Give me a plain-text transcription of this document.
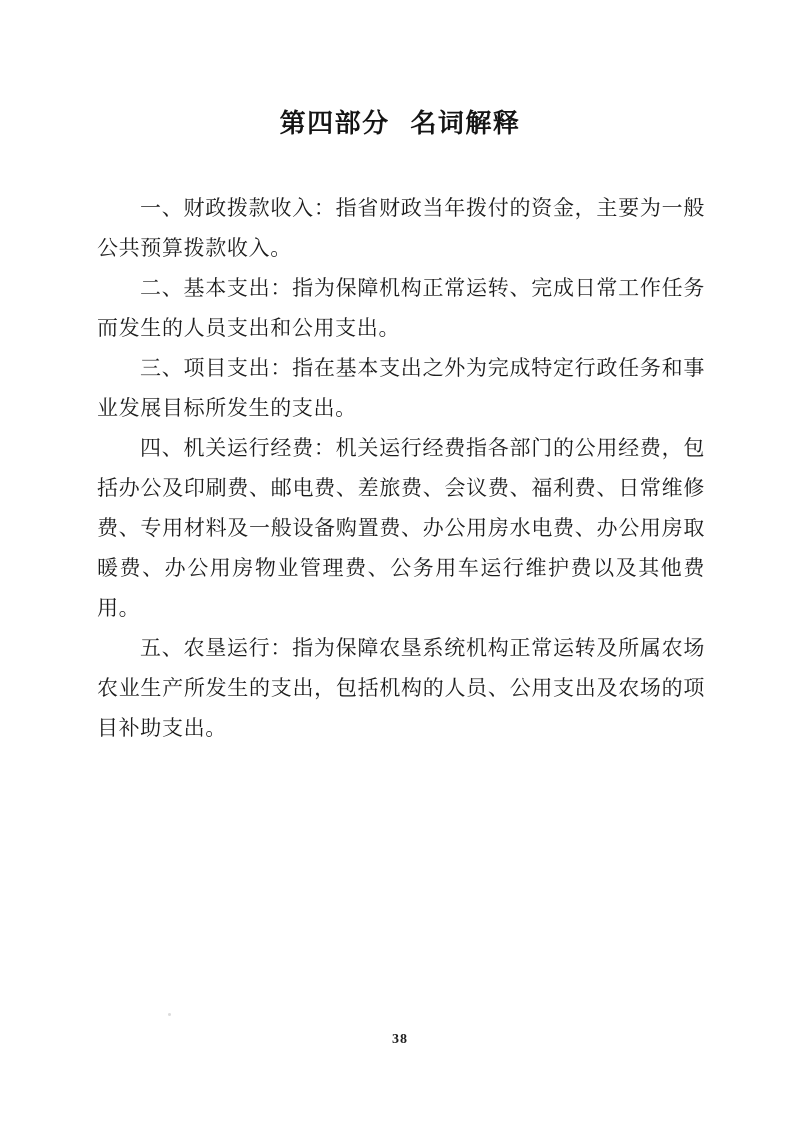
第四部分 名词解释

一、财政拨款收入：指省财政当年拨付的资金，主要为一般公共预算拨款收入。

二、基本支出：指为保障机构正常运转、完成日常工作任务而发生的人员支出和公用支出。

三、项目支出：指在基本支出之外为完成特定行政任务和事业发展目标所发生的支出。

四、机关运行经费：机关运行经费指各部门的公用经费，包括办公及印刷费、邮电费、差旅费、会议费、福利费、日常维修费、专用材料及一般设备购置费、办公用房水电费、办公用房取暖费、办公用房物业管理费、公务用车运行维护费以及其他费用。

五、农垦运行：指为保障农垦系统机构正常运转及所属农场农业生产所发生的支出，包括机构的人员、公用支出及农场的项目补助支出。

38
